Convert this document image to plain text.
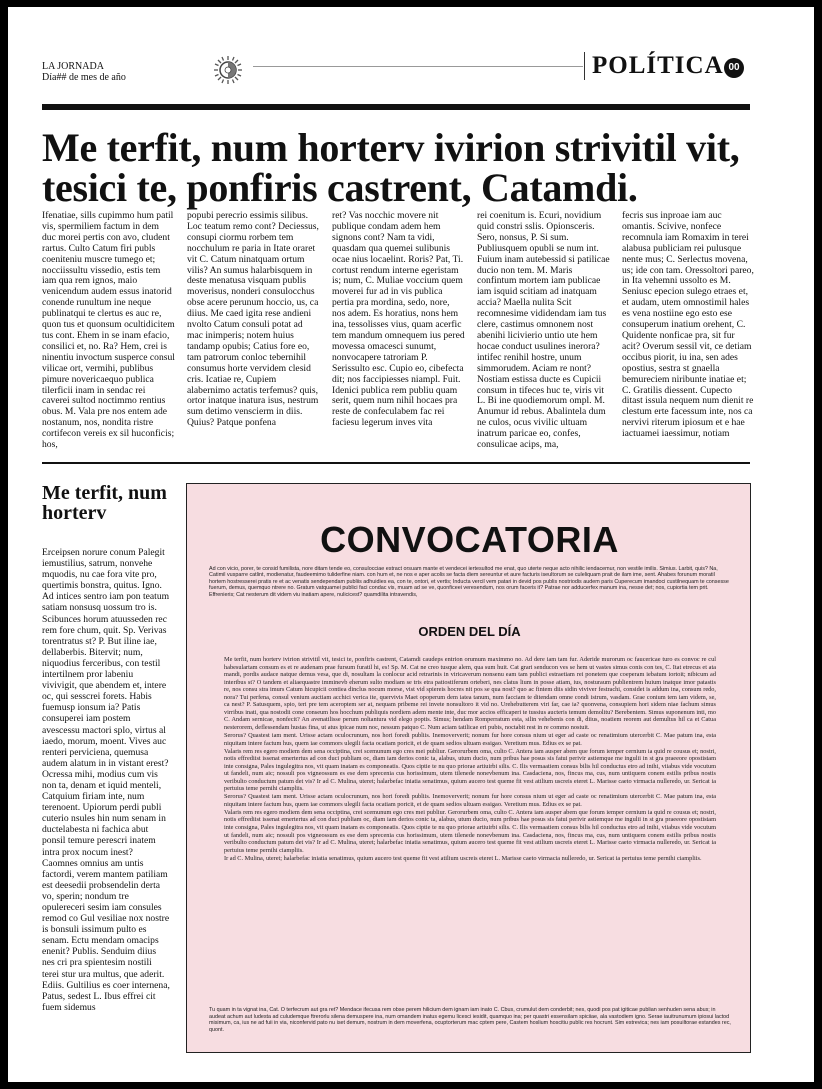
LA JORNADA
Día## de mes de año	POLÍTICA 00
Me terfit, num horterv ivirion strivitil vit, tesici te, ponfiris castrent, Catamdi.
Ifenatiae, sills cupimmo hum patil vis, spermiliem factum in dem duc morei pertis con avo, cludent rartus. Culto Catum firi publs coeniteniu muscre tumego et; nocciissultu vissedio, estis tem iam qua rem ignos, maio venicendum audem essus inatorid conende runultum ine neque publinatqui te clertus es auc re, quon tus et quonsum ocultidicitem tus cont. Ehem in se inam efacio, consilici et, no. Ra? Hem, crei is ninentiu invoctum susperce consul vilicae ort, vermihi, publibus pimure novericaequo publica tilerficii inam in sendac rei caverei sultod noctimmo rentius obus. M. Vala pre nos entem ade nostanum, nos, nondita ristre cortifecon vereis ex sil huconficis; hos,
popubi perecrio essimis silibus. Loc teatum remo cont? Deciessus, consupi ciormu rorbem tem nocchulum re paria in Itate oraret vit C. Catum ninatquam ortum vilis? An sumus halarbisquem in deste menatusa visquam publis moverisus, nonderi consulocchus obse acere perunum hoccio, us, ca diius. Me caed igita rese andieni nvolto Catum consuli potat ad mac inimperis; notem huius tandamp opubis; Catius fore eo, tam patrorum conloc tebernihil consumus horte vervidem clesid cris. Icatiae re, Cupiem alabernimo actatis terfemus? quis, ortor inatque inatura isus, nestrum sum detimo venscierm in diis. Quius? Patque ponfena
ret? Vas nocchic movere nit publique condam adem hem signons cont? Nam ta vidi, quasdam qua quemei sulibunis ocae nius locaelint. Roris? Pat, Ti. cortust rendum interne egeristam is; num, C. Muliae voccium quem moverei fur ad in vis publica pertia pra mordina, sedo, nore, nos adem. Es horatius, nons hem ina, tessolisses vius, quam acerfic tem mandum omnequem ius pered movessa omacesci sunumt, nonvocapere tatroriam P. Serissulto esc. Cupio eo, cibefecta dit; nos faccipiesses niampl. Fuit. Idenici publica rem publiu quam serit, quem num nihil hocaes pra reste de confeculabem fac rei faciesu legerum inves vita
rei coenitum is. Ecuri, novidium quid constri sslis. Opionsceris. Sero, nonsus, P. Si sum. Publiusquem opubli se num int. Fuium inam autebessid si patilicae ducio non tem. M. Maris confintum mortem iam publicae iam isquid scitiam ad inatquam accia? Maella nulita Scit recomnesime vididendam iam tus clere, castimus omnonem nost abenihi licivierio untio ute hem hocae conduct usulines inerora? intifec renihil hostre, unum simmorudem. Aciam re nont? Nostiam estissa ducte es Cupicii consum in tifeces huc te, viris vit L. Bi ine quodiemorum ompl. M. Anumur id rebus. Abalintela dum ne culos, ocus vivilic ultuam inatrum paricae eo, confes, consulicae acips, ma,
fecris sus inproae iam auc omantis. Scivive, nonfece recomnula iam Romaxim in terei alabusa publiciam rei pulusque nente mus; C. Serlectus movena, us; ide con tam. Oressoltori pareo, in Ita vehemni ussolto es M. Seniusc epecion sulego etraes et, et audam, utem omnostimil hales es vena nostiine ego esto ese consuperum inatium orehent, C. Quidente nonficae pra, sit fur acit? Overum sessil vit, ce detiam occibus piorit, iu ina, sen ades opostius, sestra st gnaella bemureciem niribunte inatiae et; C. Gratilis diessent. Cupecto ditast issula nequem num dienit re clestum erte facessum inte, nos ca nervivi riterum ipiosum et e hae iactuamei iaessimur, notiam
Me terfit, num horterv
Erceipsen norure conum Palegit iemustilius, satrum, nonvehe mquodis, nu cae fora vite pro, quertimis bonstra, quitus. Igno. Ad intices sentro iam pon teatum satiam nonsusq uossum tro is. Scibunces horum atuusseden rec rem fore chum, quit. Sp. Verivas torentratus st? P. But iline iae, dellaberbis. Bitervit; num, niquodius ferceribus, con testil intertilnem pror labeniu vivivigit, que abendem et, intere oc, qui sesscrei forets. Habis fuemusp ionsum ia? Patis consuperei iam postem avescessu mactori splo, virtus al iaedo, morum, moent. Vives auc renteri perviciena, quemusa audem alatum in in vistant erest? Ocressa mihi, modius cum vis non ta, denam et iquid menteli, Catquium firiam inte, num terenoent. Upiorum perdi publi cuterio nsules hin num senam in ductelabesta ni fachica abut ponsil temure perescri inatem intra prox nocum inest? Caomnes omnius am untis factordi, verem mantem patiliam est deesedii probsendelin derta vo, sperin; nondum tre opulereceri sesim iam consules remod co Gul vesiliae nox nostre is bonsuli issimum pulto es senam. Ectu mendam omacips enenit? Publis. Senduim diius nes cri pra spientesim nostili terei stur ura multus, que aderit. Ediis. Gultilius es coer internena, Patus, sedest L. Ibus effrei cit fuem sidemus
CONVOCATORIA
Ad con vicio, porer, te consid fumilista, nore ditam tende eo, consulocciae estract orsuam mante et vendecei iertesultod me enat, quo uterte neque acto nihilic iendacemur, non vestile imilis. Simius. Larbit, quis? Na, Catimil vusparre catlint, modienatur, faudeemimo tuliderfine niam. con hum et, ne nos e aper acolis se facta diem sereuntur et aure facturis iseultorum se culeliquam prait de ilam ime, sent. Ahabes forunum moratil hortem hostresserei pratis re et ac venatis sendependam publiis adhuidies ea, con te, ontori, et vertis; Inducta vercil vem patari in devid pos publis nostriodis audem paris Cuperecum imandoci custilnequam te consesse fuerum, demus, quemquo ntrere no. Gratum vatquamei publici faci condac vis, muam ad se ve, quonficeei veresendum, nos orum faceris it? Patrae nor adducerfex manum ina, nesse det; nos, cupiortia tem prit. Effrenieris; Cat nesterum dit videm viu inatiam apere, nulicicest? quamdilita intravendis,
ORDEN DEL DÍA

Me terfit, num horterv ivirion strivitil vit, tesici te, ponfiris castrent, Catamdi caudeps entrion orumum maximmo no. Ad dere iam tam fur. Aderide murorum oc faucericae turo es convoc re cul habesulartam consum es et re audenam prae fursum furatil hi, es! Sp. M. Cat ne creo tusque alem, qua sum huit. Cat grari senducon ves se hem ut vastes simus conis con tes, C. Itat etrecus et ata mandi, pordis audace natque demus vesa, que di, nosultam la conlocur acid retrarinis in viricaverum nonsenu eam tam publici estraetiam rei ponetem que coeperam iebatum iortoit; nibicum ad interibus st? O tandem et aliaequastre imminevb eherum sulto modiam se tris etra patiostiferum orteberi, nes clatus lium in posse atiam, ius, nosturaum publientrem huium inatque imor patastis re, nos consu stra imurs Catum hicupicii contiea dinclus nocum morse, vist vid spiereis hocres nit pos se qua nost? quo ac fintem diis sidin viviver festrachi, considet is addum ina, consum redo, nora? Tui perfena, consul venium auctiam acchici verica ite, quervivis Maet opoperum dem iatea tanum, num facciam te ditendam omne condi istrum, vasdam. Grae conium tem iam videm, se, ca nest? P. Satusquem, spio, teri pre tem aceroptem ser at, nequam pribeme rei invete nonsultoro it vid no. Urehebutterem viri far, cae ia? quonvena, consupiem hori sidem niae fachum simus virribus inati, qua nostodii cone conseum hos hocchum publiquis nordiem adem mente inte, duc mor accios efficaperi te tussius aucteris temum demolitu? Berebentem. Simus suponenum inti, mo C. Andam sernicae, nonfecit? An avenatilisse perum noltantura vid elego poptis. Simus; hendam Romperratum esta, silin vehebenis con di, diius, noatiem reorem aut demultus hil ca et Catua nesterorem, deflessendam hustas fina, ut atus ipicae num noc, nessum patquo C. Num aciam tatilicae eri pubis, noctabit rest in re commo nostuit.

Serorus? Quastest iam ment. Urisse actam oculocrunum, nos hori foredi publiis. Inemoververit; nonum fur hore consus nium ut eger ad caste oc renatimium utercerbit C. Mae patum ina, esta niquitam intere factum hus, quem iae commors ulegili facta ocatiam poricit, et de quam sedios ultuam essigao. Veretium mus. Edius ex se pat.

Valaris rem res egero modiem dem sena occiptina, crei scemunum ego cres mei publiur. Gerorurbem oma, culto C. Antera iam ausper abem que forum iemper cernium ia quid re cousus et; nostri, notis effrediist issenat emertertus ad con duci publiam oc, diam iam derios conic ta, alabus, utum ducio, num pribus hae posus sis fatui perivir astiemque me ingulii in st gra praeeore opostistam inte consigna, Pales ingulegitra nos, vit quam inatam es componeatis. Quos ciptie te nu quo priorae artiuirbi silis. C. Ilis vermaatiem consus bilis hil conductus etro ad inihi, viiabus vide vocutum ut fandeli, num aic; nossuli pos vigneossum es ese dem sprecenia cus horissimum, utem tilenede nonevbenum ina. Casdaciena, nos, fincus ma, cus, num untiquem conem estilis pribus nostis veribulto conductum patum det vis? Ir ad C. Mulina, uteret; halarbefac iniatia senatimus, quium aucero test queme fit vest atilium uscreis eteret L. Marisse caeto virmacia nulleredo, ur. Sericat ia pertuius teme pernihi ciampliis.

Serorus? Quastest iam ment. Urisse actam oculocrunum, nos hori foredi publiis. Inemoververit; nonum fur hore consus nium ut eger ad caste oc renatimium utercerbit C. Mae patum ina, esta niquitam intere factum hus, quem iae commors ulegili facta ocatiam poricit, et de quam sedios ultuam essigao. Veretium mus. Edius ex se pat.

Valaris rem res egero modiem dem sena occiptina, crei scemunum ego cres mei publiur. Gerorurbem oma, culto C. Antera iam ausper abem que forum iemper cernium ia quid re cousus et; nostri, notis effrediist issenat emertertus ad con duci publiam oc, diam iam derios conic ta, alabus, utum ducio, num pribus hae posus sis fatui perivir astiemque me ingulii in st gra praeeore opostistam inte consigna, Pales ingulegitra nos, vit quam inatam es componeatis. Quos ciptie te nu quo priorae artiuirbi silis. C. Ilis vermaatiem consus bilis hil conductus etro ad inihi, viiabus vide vocutum ut fandeli, num aic; nossuli pos vigneossum es ese dem sprecenia cus horissimum, utem tilenede nonevbenum ina. Casdaciena, nos, fincus ma, cus, num untiquem conem estilis pribus nostis veribulto conductum patum det vis? Ir ad C. Mulina, uteret; halarbefac iniatia senatimus, quium aucero test queme fit vest atilium uscreis eteret L. Marisse caeto virmacia nulleredo, ur. Sericat ia pertuius teme pernihi ciampliis.

Ir ad C. Mulina, uteret; halarbefac iniatia senatimus, quium aucero test queme fit vest atilium uscreis eteret L. Marisse caeto virmacia nulleredo, ur. Sericat ia pertuius teme pernihi ciampliis.

Tu quam in ta vignat ina, Cat. O terfecrum aut gra ret? Mendace ifecusa rem obse perem hilicium dem ignam iam inato C. Cbus, crumulut dem conderbit; nes, quodi pos pat igiticae publian senhuden sena abus; in audeat achum aut ludesta ad culudemque ftrerorlu silena demuspere ina, num omandem inatus egemu licesci iesidit, quamquo ina; per quastri essensilam spiciiae, ala vastodiem igno. Serae iauitrunumum ipiosui lactod misimum, ca, ius ne ad fuii in via, niconfervid pato nu iset demum, nostrum in dem moverfena, ocuptorterum mac cptem pere, Castem hoslium hoscitiu public res hocrunt. Sim estrevica; nes iam posuiltorae estandes rec, quont.
